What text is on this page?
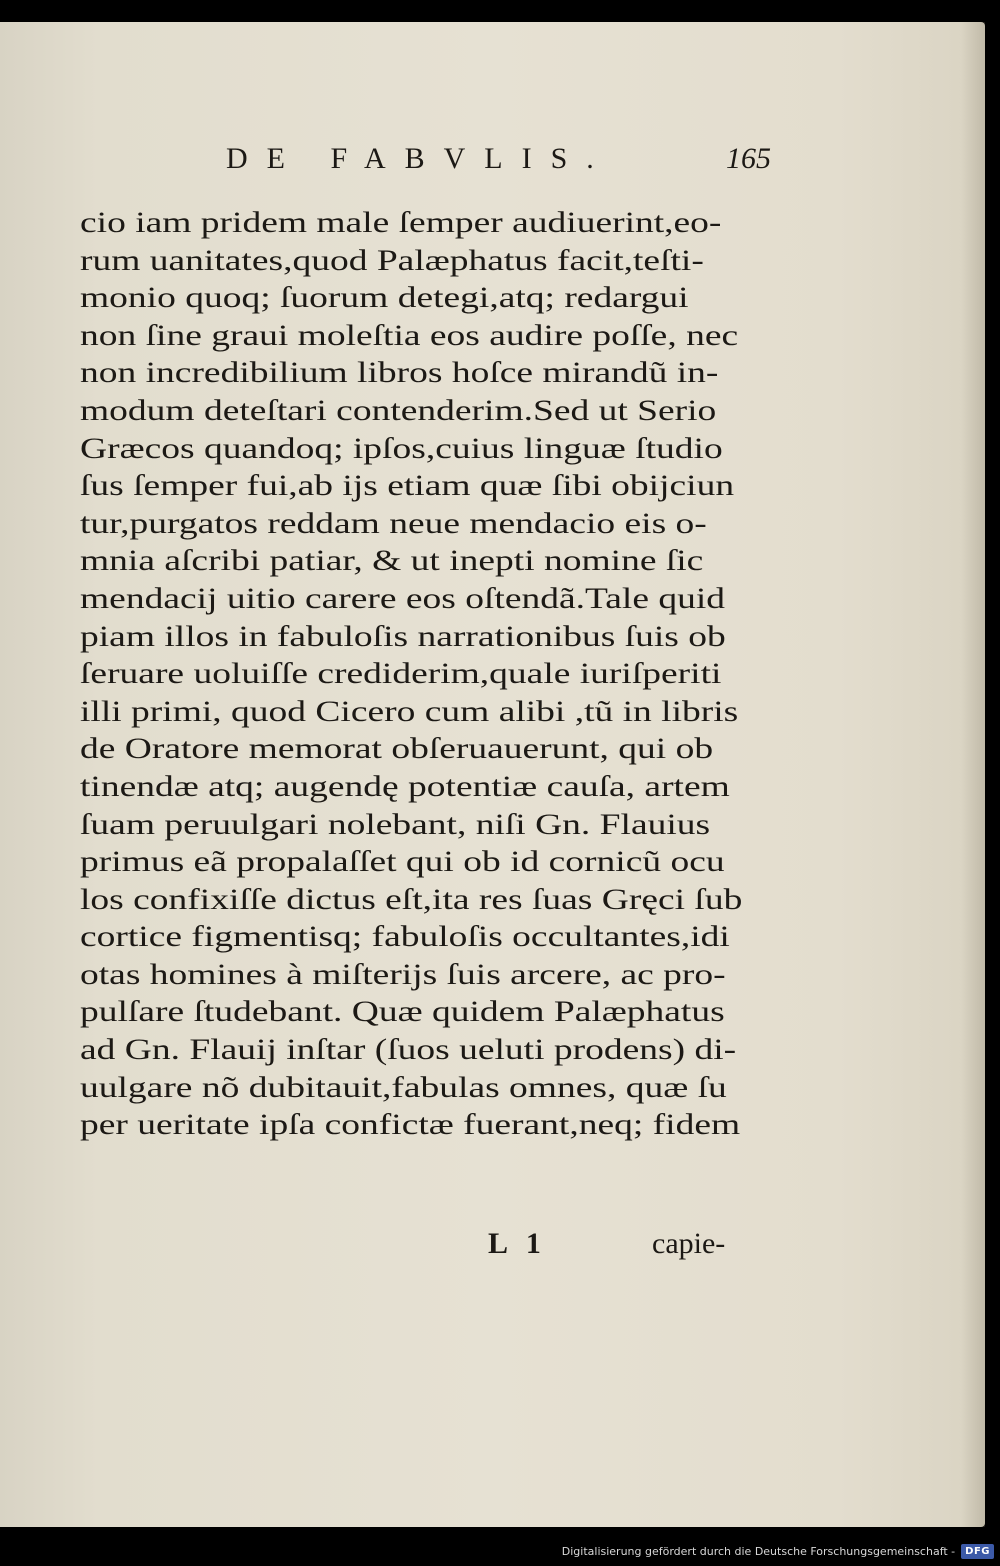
DE FABVLIS.	165
cio iam pridem male ſemper audiuerint,eo-
rum uanitates,quod Palæphatus facit,teſti-
monio quoq; ſuorum detegi,atq; redargui
non ſine graui moleſtia eos audire poſſe, nec
non incredibilium libros hoſce mirandũ in-
modum deteſtari contenderim.Sed ut Serio
Græcos quandoq; ipſos,cuius linguæ ſtudio
ſus ſemper fui,ab ijs etiam quæ ſibi obijciun
tur,purgatos reddam neue mendacio eis o-
mnia aſcribi patiar, & ut inepti nomine ſic
mendacij uitio carere eos oſtendã.Tale quid
piam illos in fabuloſis narrationibus ſuis ob
ſeruare uoluiſſe crediderim,quale iuriſperiti
illi primi, quod Cicero cum alibi ,tũ in libris
de Oratore memorat obſeruauerunt, qui ob
tinendæ atq; augendę potentiæ cauſa, artem
ſuam peruulgari nolebant, niſi Gn. Flauius
primus eã propalaſſet qui ob id cornicũ ocu
los confixiſſe dictus eſt,ita res ſuas Gręci ſub
cortice figmentisq; fabuloſis occultantes,idi
otas homines à miſterijs ſuis arcere, ac pro-
pulſare ſtudebant. Quæ quidem Palæphatus
ad Gn. Flauij inſtar (ſuos ueluti prodens) di-
uulgare nõ dubitauit,fabulas omnes, quæ ſu
per ueritate ipſa confictæ fuerant,neq; fidem
L 1	capie-
Digitalisierung gefördert durch die Deutsche Forschungsgemeinschaft -	DFG
